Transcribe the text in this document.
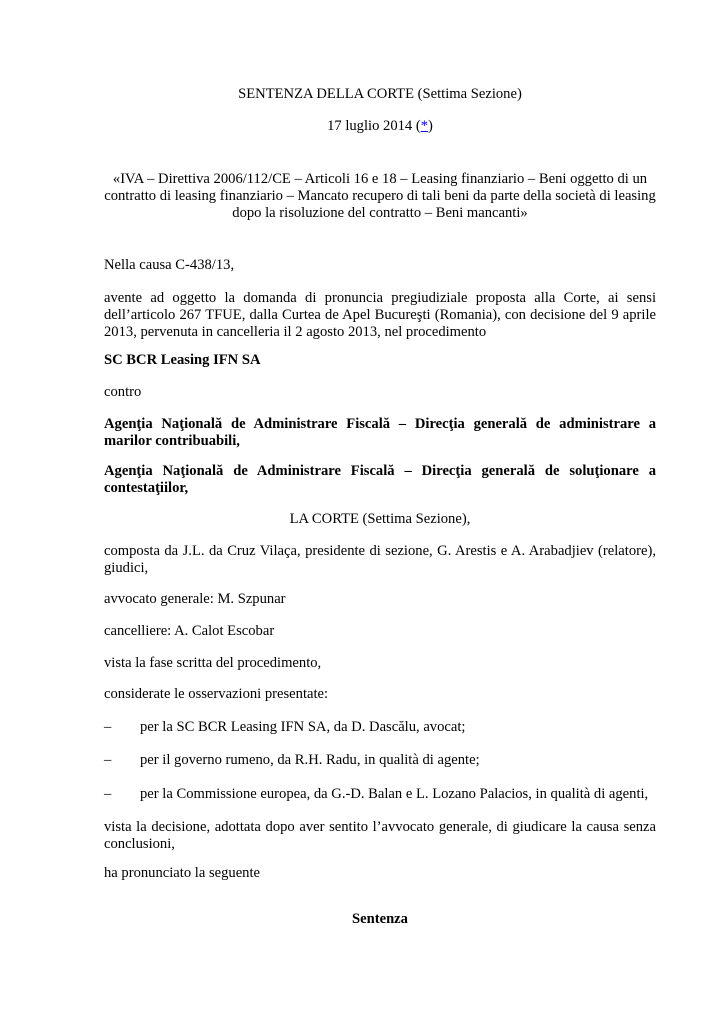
SENTENZA DELLA CORTE (Settima Sezione)

17 luglio 2014 (*)

«IVA – Direttiva 2006/112/CE – Articoli 16 e 18 – Leasing finanziario – Beni oggetto di un contratto di leasing finanziario – Mancato recupero di tali beni da parte della società di leasing dopo la risoluzione del contratto – Beni mancanti»

Nella causa C‑438/13,

avente ad oggetto la domanda di pronuncia pregiudiziale proposta alla Corte, ai sensi dell’articolo 267 TFUE, dalla Curtea de Apel Bucureşti (Romania), con decisione del 9 aprile 2013, pervenuta in cancelleria il 2 agosto 2013, nel procedimento

SC BCR Leasing IFN SA

contro

Agenţia Naţională de Administrare Fiscală – Direcţia generală de administrare a marilor contribuabili,

Agenţia Naţională de Administrare Fiscală – Direcţia generală de soluţionare a contestaţiilor,

LA CORTE (Settima Sezione),

composta da J.L. da Cruz Vilaça, presidente di sezione, G. Arestis e A. Arabadjiev (relatore), giudici,

avvocato generale: M. Szpunar

cancelliere: A. Calot Escobar

vista la fase scritta del procedimento,

considerate le osservazioni presentate:

– per la SC BCR Leasing IFN SA, da D. Dascălu, avocat;
– per il governo rumeno, da R.H. Radu, in qualità di agente;
– per la Commissione europea, da G.‑D. Balan e L. Lozano Palacios, in qualità di agenti,

vista la decisione, adottata dopo aver sentito l’avvocato generale, di giudicare la causa senza conclusioni,

ha pronunciato la seguente

Sentenza
